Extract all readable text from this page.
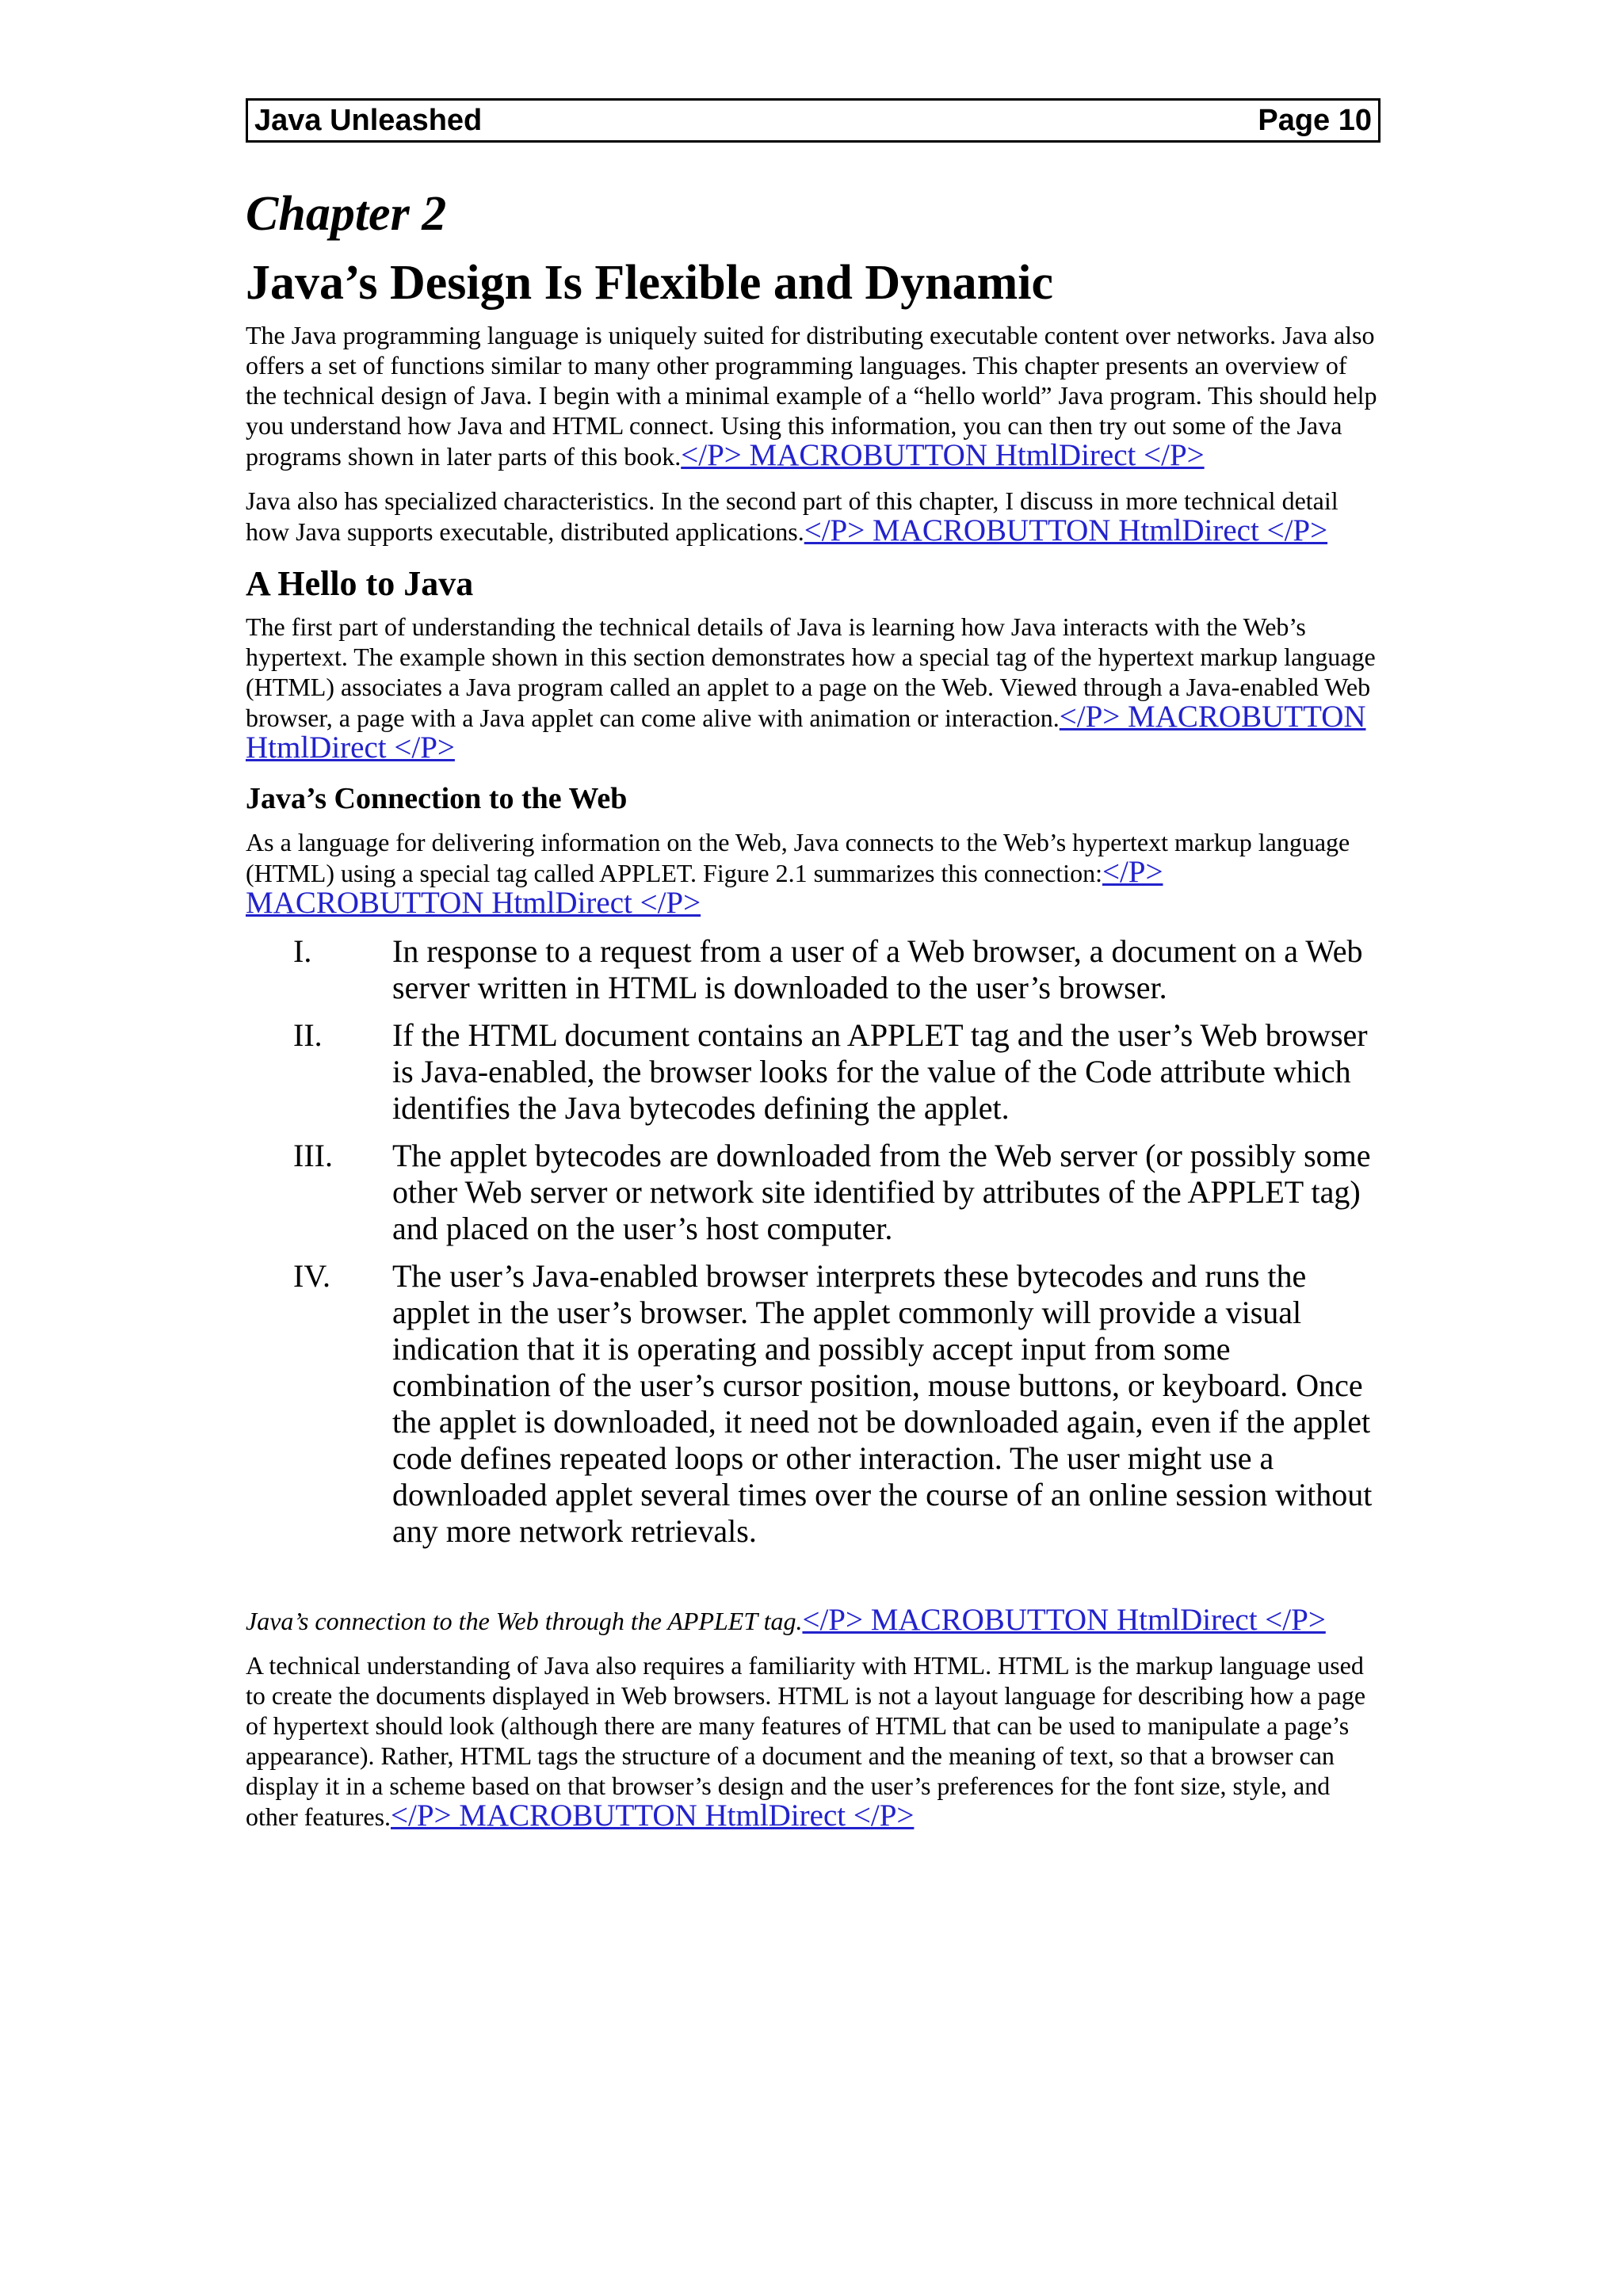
Java Unleashed	Page 10
Chapter 2
Java’s Design Is Flexible and Dynamic

The Java programming language is uniquely suited for distributing executable content over networks. Java also offers a set of functions similar to many other programming languages. This chapter presents an overview of the technical design of Java. I begin with a minimal example of a “hello world” Java program. This should help you understand how Java and HTML connect. Using this information, you can then try out some of the Java programs shown in later parts of this book.</P> MACROBUTTON HtmlDirect </P>

Java also has specialized characteristics. In the second part of this chapter, I discuss in more technical detail how Java supports executable, distributed applications.</P> MACROBUTTON HtmlDirect </P>

A Hello to Java

The first part of understanding the technical details of Java is learning how Java interacts with the Web’s hypertext. The example shown in this section demonstrates how a special tag of the hypertext markup language (HTML) associates a Java program called an applet to a page on the Web. Viewed through a Java-enabled Web browser, a page with a Java applet can come alive with animation or interaction.</P> MACROBUTTON HtmlDirect </P>

Java’s Connection to the Web

As a language for delivering information on the Web, Java connects to the Web’s hypertext markup language (HTML) using a special tag called APPLET. Figure 2.1 summarizes this connection:</P> MACROBUTTON HtmlDirect </P>

I.	In response to a request from a user of a Web browser, a document on a Web server written in HTML is downloaded to the user’s browser.
II.	If the HTML document contains an APPLET tag and the user’s Web browser is Java-enabled, the browser looks for the value of the Code attribute which identifies the Java bytecodes defining the applet.
III.	The applet bytecodes are downloaded from the Web server (or possibly some other Web server or network site identified by attributes of the APPLET tag) and placed on the user’s host computer.
IV.	The user’s Java-enabled browser interprets these bytecodes and runs the applet in the user’s browser. The applet commonly will provide a visual indication that it is operating and possibly accept input from some combination of the user’s cursor position, mouse buttons, or keyboard. Once the applet is downloaded, it need not be downloaded again, even if the applet code defines repeated loops or other interaction. The user might use a downloaded applet several times over the course of an online session without any more network retrievals.

Java’s connection to the Web through the APPLET tag.</P> MACROBUTTON HtmlDirect </P>

A technical understanding of Java also requires a familiarity with HTML. HTML is the markup language used to create the documents displayed in Web browsers. HTML is not a layout language for describing how a page of hypertext should look (although there are many features of HTML that can be used to manipulate a page’s appearance). Rather, HTML tags the structure of a document and the meaning of text, so that a browser can display it in a scheme based on that browser’s design and the user’s preferences for the font size, style, and other features.</P> MACROBUTTON HtmlDirect </P>
